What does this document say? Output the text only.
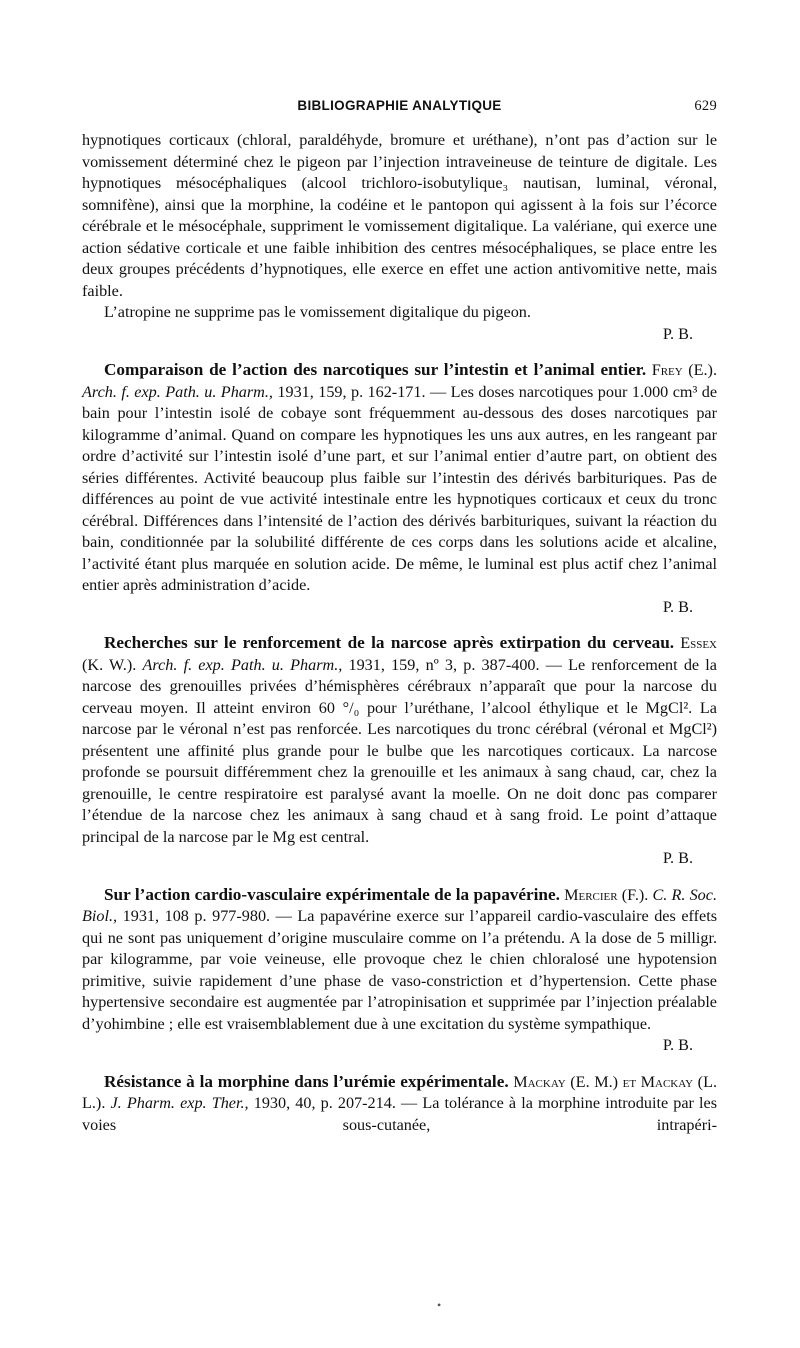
BIBLIOGRAPHIE ANALYTIQUE	629

hypnotiques corticaux (chloral, paraldéhyde, bromure et uréthane), n’ont pas d’action sur le vomissement déterminé chez le pigeon par l’injection intraveineuse de teinture de digitale. Les hypnotiques mésocéphaliques (alcool trichloro-isobutylique₃ nautisan, luminal, véronal, somnifène), ainsi que la morphine, la codéine et le pantopon qui agissent à la fois sur l’écorce cérébrale et le mésocéphale, suppriment le vomissement digitalique. La valériane, qui exerce une action sédative corticale et une faible inhibition des centres mésocéphaliques, se place entre les deux groupes précédents d’hypnotiques, elle exerce en effet une action antivomitive nette, mais faible.

L’atropine ne supprime pas le vomissement digitalique du pigeon.

P. B.

Comparaison de l’action des narcotiques sur l’intestin et l’animal entier. Frey (E.). Arch. f. exp. Path. u. Pharm., 1931, 159, p. 162-171. — Les doses narcotiques pour 1.000 cm³ de bain pour l’intestin isolé de cobaye sont fréquemment au-dessous des doses narcotiques par kilogramme d’animal. Quand on compare les hypnotiques les uns aux autres, en les rangeant par ordre d’activité sur l’intestin isolé d’une part, et sur l’animal entier d’autre part, on obtient des séries différentes. Activité beaucoup plus faible sur l’intestin des dérivés barbituriques. Pas de différences au point de vue activité intestinale entre les hypnotiques corticaux et ceux du tronc cérébral. Différences dans l’intensité de l’action des dérivés barbituriques, suivant la réaction du bain, conditionnée par la solubilité différente de ces corps dans les solutions acide et alcaline, l’activité étant plus marquée en solution acide. De même, le luminal est plus actif chez l’animal entier après administration d’acide.

P. B.

Recherches sur le renforcement de la narcose après extirpation du cerveau. Essex (K. W.). Arch. f. exp. Path. u. Pharm., 1931, 159, nº 3, p. 387-400. — Le renforcement de la narcose des grenouilles privées d’hémisphères cérébraux n’apparaît que pour la narcose du cerveau moyen. Il atteint environ 60 °/₀ pour l’uréthane, l’alcool éthylique et le MgCl². La narcose par le véronal n’est pas renforcée. Les narcotiques du tronc cérébral (véronal et MgCl²) présentent une affinité plus grande pour le bulbe que les narcotiques corticaux. La narcose profonde se poursuit différemment chez la grenouille et les animaux à sang chaud, car, chez la grenouille, le centre respiratoire est paralysé avant la moelle. On ne doit donc pas comparer l’étendue de la narcose chez les animaux à sang chaud et à sang froid. Le point d’attaque principal de la narcose par le Mg est central.

P. B.

Sur l’action cardio-vasculaire expérimentale de la papavérine. Mercier (F.). C. R. Soc. Biol., 1931, 108 p. 977-980. — La papavérine exerce sur l’appareil cardio-vasculaire des effets qui ne sont pas uniquement d’origine musculaire comme on l’a prétendu. A la dose de 5 milligr. par kilogramme, par voie veineuse, elle provoque chez le chien chloralosé une hypotension primitive, suivie rapidement d’une phase de vaso-constriction et d’hypertension. Cette phase hypertensive secondaire est augmentée par l’atropinisation et supprimée par l’injection préalable d’yohimbine ; elle est vraisemblablement due à une excitation du système sympathique.

P. B.

Résistance à la morphine dans l’urémie expérimentale. Mackay (E. M.) et Mackay (L. L.). J. Pharm. exp. Ther., 1930, 40, p. 207-214. — La tolérance à la morphine introduite par les voies sous-cutanée, intrapéri-

•
